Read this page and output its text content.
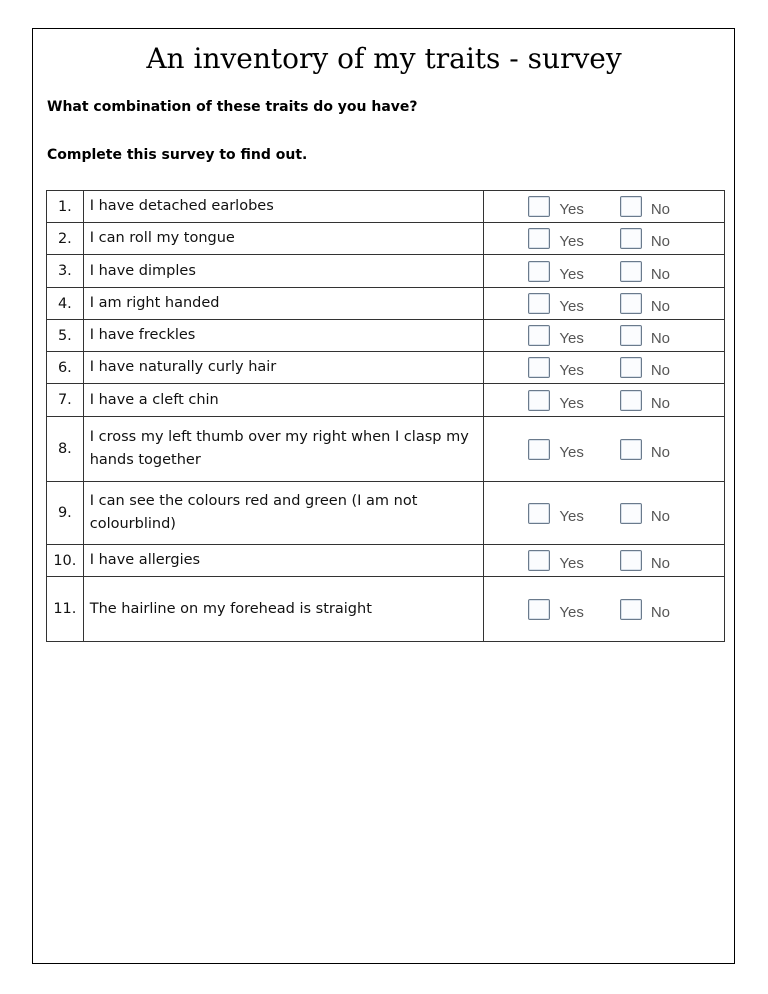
An inventory of my traits - survey

What combination of these traits do you have?

Complete this survey to find out.

1.	I have detached earlobes	Yes No

2.	I can roll my tongue	Yes No

3.	I have dimples	Yes No

4.	I am right handed	Yes No

5.	I have freckles	Yes No

6.	I have naturally curly hair	Yes No

7.	I have a cleft chin	Yes No

8.	I cross my left thumb over my right when I clasp my hands together	Yes No

9.	I can see the colours red and green (I am not colourblind)	Yes No

10.	I have allergies	Yes No

11.	The hairline on my forehead is straight	Yes No
